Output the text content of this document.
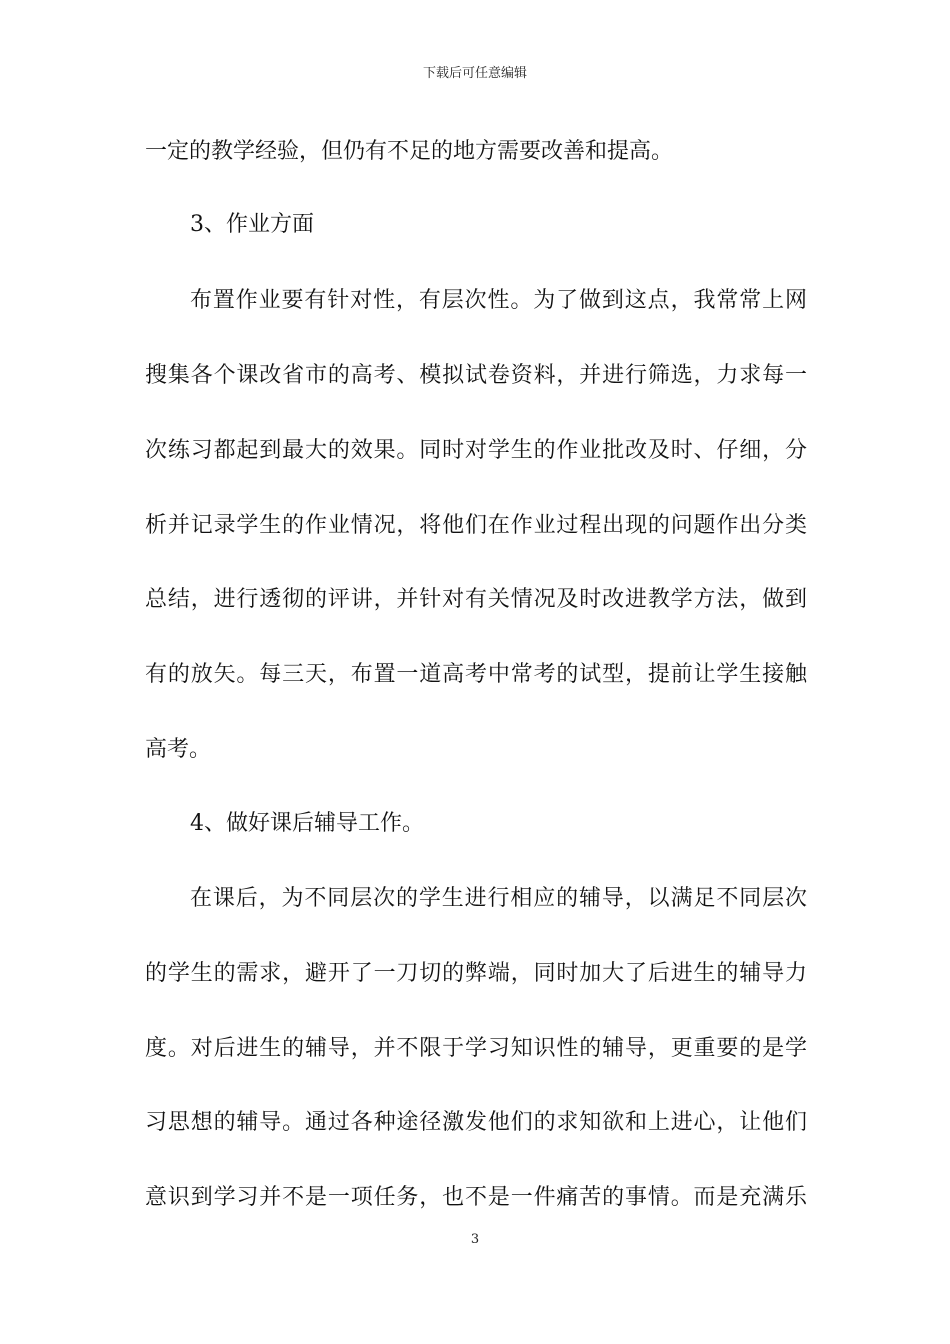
下载后可任意编辑
一定的教学经验，但仍有不足的地方需要改善和提高。
3、作业方面
布置作业要有针对性，有层次性。为了做到这点，我常常上网
搜集各个课改省市的高考、模拟试卷资料，并进行筛选，力求每一
次练习都起到最大的效果。同时对学生的作业批改及时、仔细，分
析并记录学生的作业情况，将他们在作业过程出现的问题作出分类
总结，进行透彻的评讲，并针对有关情况及时改进教学方法，做到
有的放矢。每三天，布置一道高考中常考的试型，提前让学生接触
高考。
4、做好课后辅导工作。
在课后，为不同层次的学生进行相应的辅导，以满足不同层次
的学生的需求，避开了一刀切的弊端，同时加大了后进生的辅导力
度。对后进生的辅导，并不限于学习知识性的辅导，更重要的是学
习思想的辅导。通过各种途径激发他们的求知欲和上进心，让他们
意识到学习并不是一项任务，也不是一件痛苦的事情。而是充满乐
3
